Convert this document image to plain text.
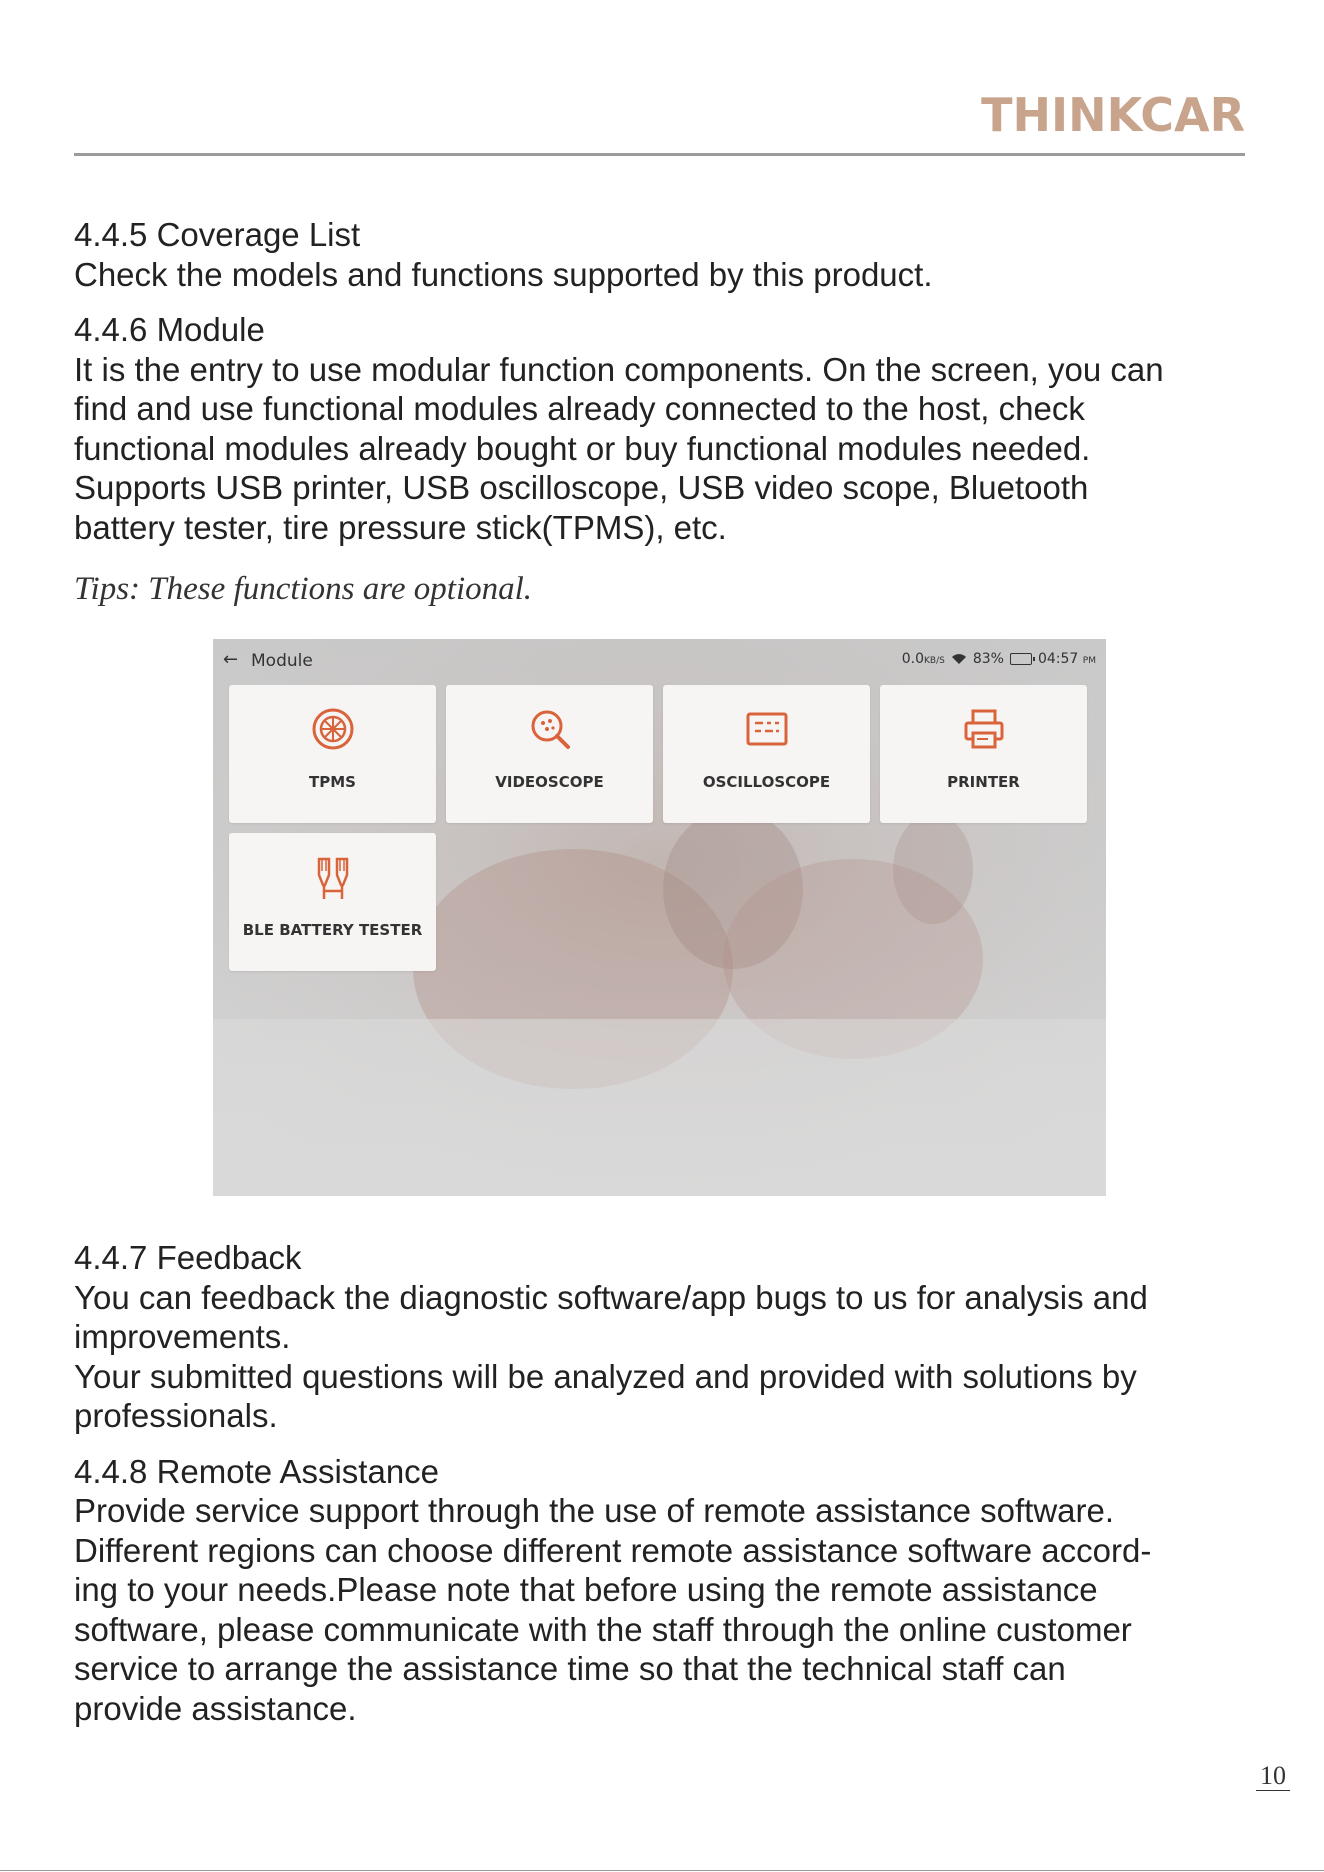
THINKCAR
4.4.5 Coverage List
Check the models and functions supported by this product.
4.4.6 Module
It is the entry to use modular function components. On the screen, you can
find and use functional modules already connected to the host, check
functional modules already bought or buy functional modules needed.
Supports USB printer, USB oscilloscope, USB video scope, Bluetooth
battery tester, tire pressure stick(TPMS), etc.
Tips: These functions are optional.
← Module	0.0KB/S 83% 04:57 PM
TPMS	VIDEOSCOPE	OSCILLOSCOPE	PRINTER
BLE BATTERY TESTER
4.4.7 Feedback
You can feedback the diagnostic software/app bugs to us for analysis and
improvements.
Your submitted questions will be analyzed and provided with solutions by
professionals.
4.4.8 Remote Assistance
Provide service support through the use of remote assistance software.
Different regions can choose different remote assistance software accord-
ing to your needs.Please note that before using the remote assistance
software, please communicate with the staff through the online customer
service to arrange the assistance time so that the technical staff can
provide assistance.
10
